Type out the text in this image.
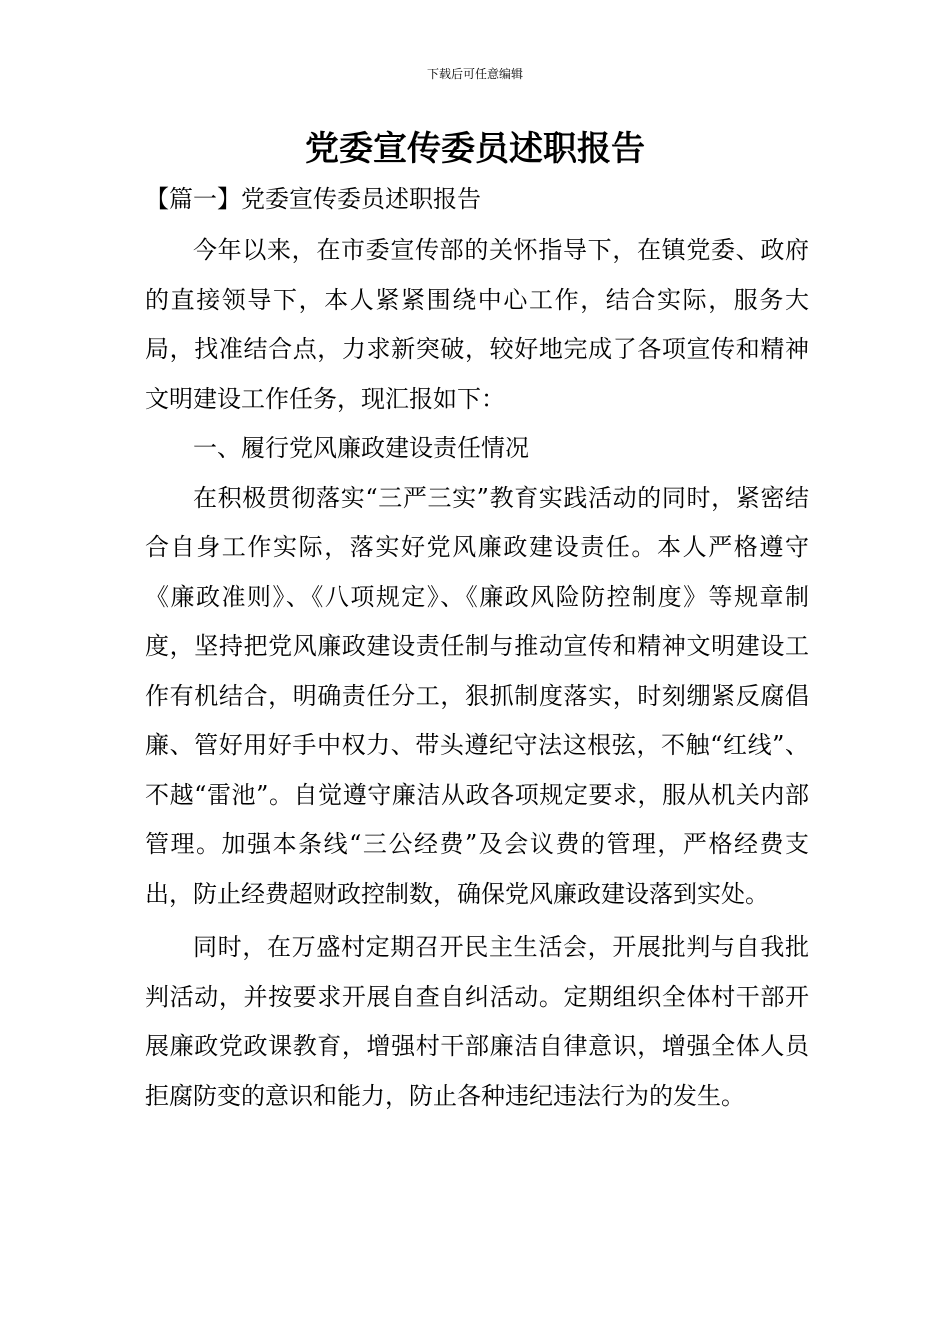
下载后可任意编辑
党委宣传委员述职报告
【篇一】党委宣传委员述职报告

今年以来，在市委宣传部的关怀指导下，在镇党委、政府的直接领导下，本人紧紧围绕中心工作，结合实际，服务大局，找准结合点，力求新突破，较好地完成了各项宣传和精神文明建设工作任务，现汇报如下：

一、履行党风廉政建设责任情况

在积极贯彻落实“三严三实”教育实践活动的同时，紧密结合自身工作实际，落实好党风廉政建设责任。本人严格遵守《廉政准则》、《八项规定》、《廉政风险防控制度》等规章制度，坚持把党风廉政建设责任制与推动宣传和精神文明建设工作有机结合，明确责任分工，狠抓制度落实，时刻绷紧反腐倡廉、管好用好手中权力、带头遵纪守法这根弦，不触“红线”、不越“雷池”。自觉遵守廉洁从政各项规定要求，服从机关内部管理。加强本条线“三公经费”及会议费的管理，严格经费支出，防止经费超财政控制数，确保党风廉政建设落到实处。

同时，在万盛村定期召开民主生活会，开展批判与自我批判活动，并按要求开展自查自纠活动。定期组织全体村干部开展廉政党政课教育，增强村干部廉洁自律意识，增强全体人员拒腐防变的意识和能力，防止各种违纪违法行为的发生。
